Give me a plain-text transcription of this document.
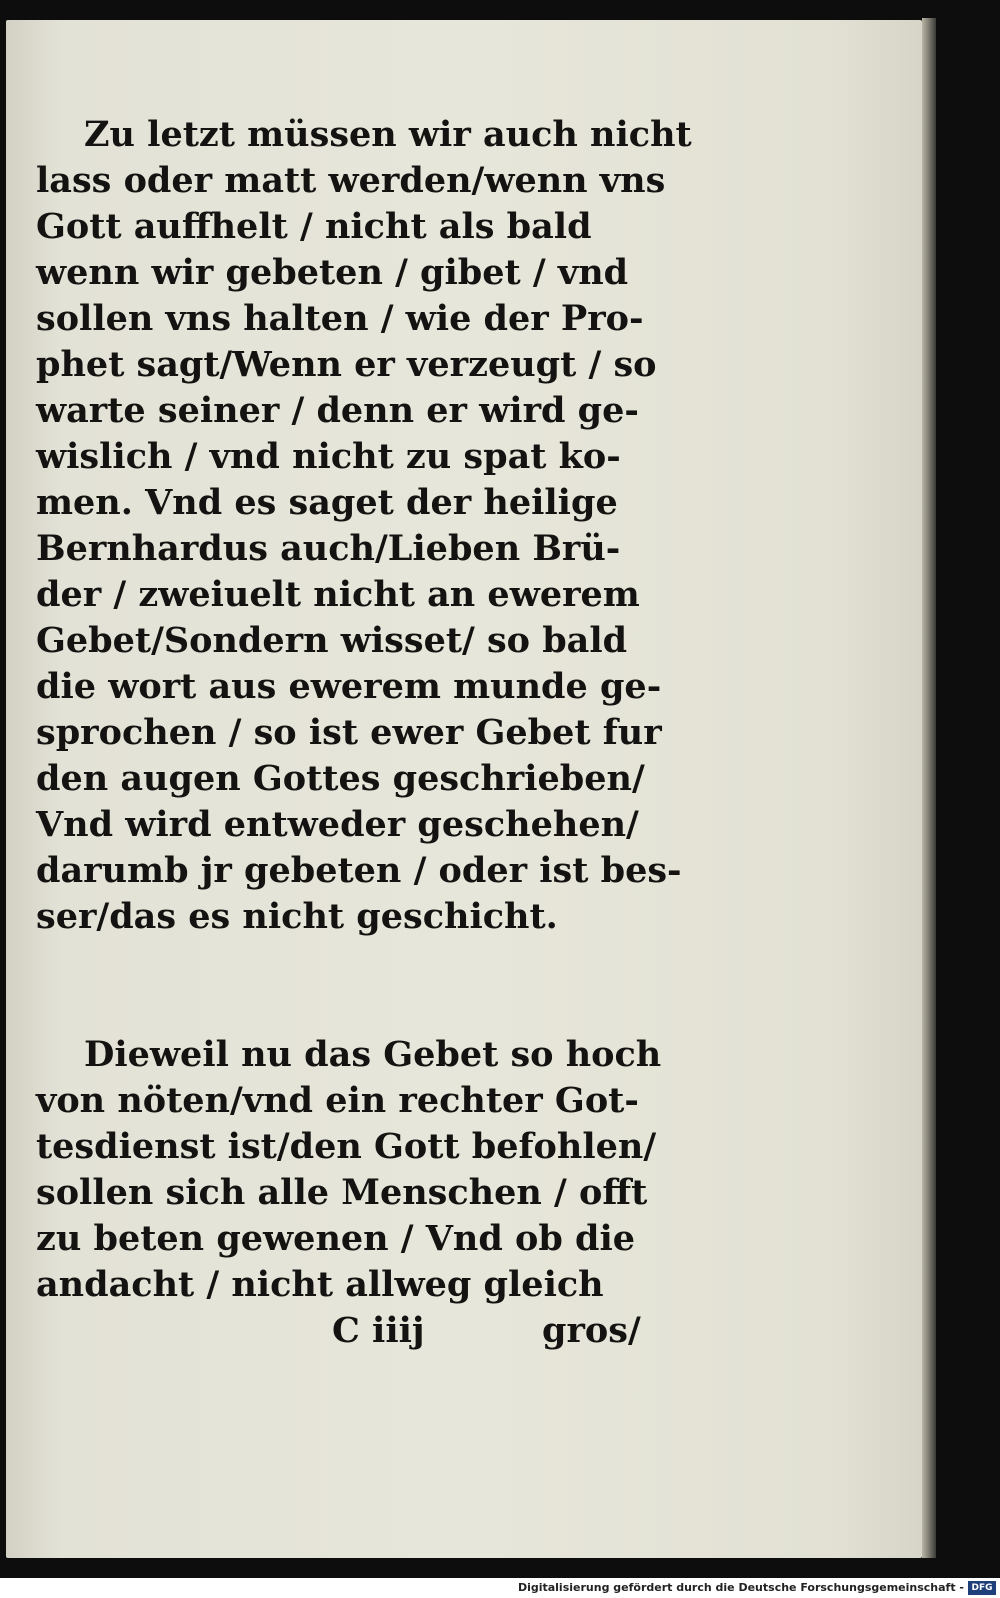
Zu letzt müssen wir auch nicht
lass oder matt werden/wenn vns
Gott auffhelt / nicht als bald
wenn wir gebeten / gibet / vnd
sollen vns halten / wie der Pro-
phet sagt/Wenn er verzeugt / so
warte seiner / denn er wird ge-
wislich / vnd nicht zu spat ko-
men. Vnd es saget der heilige
Bernhardus auch/Lieben Brü-
der / zweiuelt nicht an ewerem
Gebet/Sondern wisset/ so bald
die wort aus ewerem munde ge-
sprochen / so ist ewer Gebet fur
den augen Gottes geschrieben/
Vnd wird entweder geschehen/
darumb jr gebeten / oder ist bes-
ser/das es nicht geschicht.
Dieweil nu das Gebet so hoch
von nöten/vnd ein rechter Got-
tesdienst ist/den Gott befohlen/
sollen sich alle Menschen / offt
zu beten gewenen / Vnd ob die
andacht / nicht allweg gleich
C iiij	gros/
Digitalisierung gefördert durch die Deutsche Forschungsgemeinschaft - DFG
